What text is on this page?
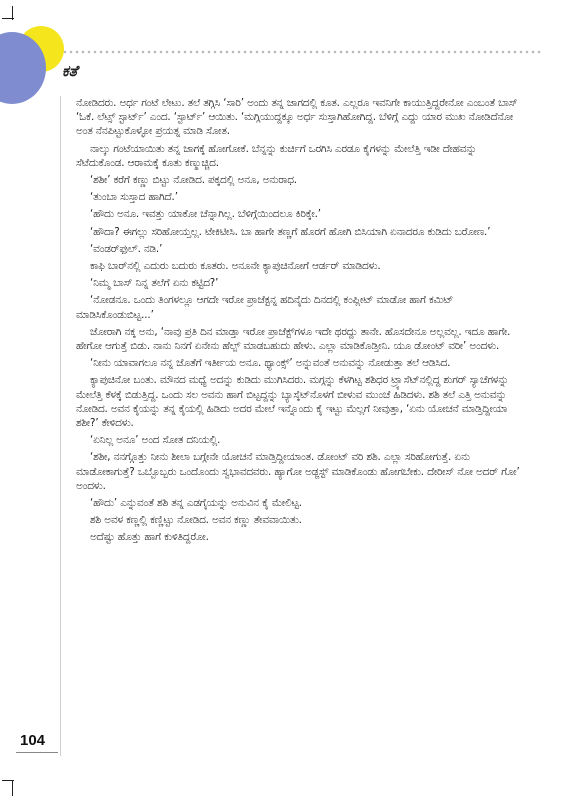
ಕತೆ

ನೋಡಿದರು. ಅರ್ಧ ಗಂಟೆ ಲೇಟು. ತಲೆ ತಗ್ಗಿಸಿ ‘ಸಾರಿ’ ಅಂದು ತನ್ನ ಜಾಗದಲ್ಲಿ ಕೂತ. ಎಲ್ಲರೂ ಇವನಿಗೇ ಕಾಯುತ್ತಿದ್ದರೇನೋ ಎಂಬಂತೆ ಬಾಸ್ ‘ಓಕೆ. ಲೆಟ್ಸ್ ಸ್ಟಾರ್ಟ್’ ಎಂದ. ‘ಸ್ಟಾರ್ಟ್’ ಆಯಿತು. ‘ಮಗ್ಗಿಯುದ್ದಕ್ಕೂ ಅರ್ಧ ಸುಸ್ತಾಗಿಹೋಗಿದ್ದ. ಬೆಳಿಗ್ಗೆ ಎದ್ದು ಯಾರ ಮುಖ ನೋಡಿದೆನೋ ಅಂತ ನೆನಪಿಟ್ಟುಕೊಳ್ಳೋ ಪ್ರಯತ್ನ ಮಾಡಿ ಸೋತ.

ನಾಲ್ಕು ಗಂಟೆಯಾಯಿತು ತನ್ನ ಜಾಗಕ್ಕೆ ಹೋಗೋಕೆ. ಬೆನ್ನನ್ನು ಕುರ್ಚಿಗೆ ಒರಗಿಸಿ ಎರಡೂ ಕೈಗಳನ್ನು ಮೇಲೆತ್ತಿ ಇಡೀ ದೇಹವನ್ನು ಸೆಟೆದುಕೊಂಡ. ಆರಾಮಕ್ಕೆ ಕೂತು ಕಣ್ಮುಚ್ಚಿದ.

‘ಶಶೀ’ ಕರೆಗೆ ಕಣ್ಣು ಬಿಟ್ಟು ನೋಡಿದ. ಪಕ್ಕದಲ್ಲಿ ಅನೂ, ಅನುರಾಧ.

‘ತುಂಬಾ ಸುಸ್ತಾದ ಹಾಗಿದೆ.’

‘ಹೌದು ಅನೂ. ಇವತ್ತು ಯಾಕೋ ಚೆನ್ನಾಗಿಲ್ಲ. ಬೆಳಿಗ್ಗೆಯಿಂದಲೂ ಕಿರಿಕ್ಕೇ.’

‘ಹೌದಾ? ಈಗಲ್ಲು ಸರಿಹೋಯ್ತಲ್ಲ. ಟೇಕಿಟೀಸಿ. ಬಾ ಹಾಗೇ ತಣ್ಣಗೆ ಹೊರಗೆ ಹೋಗಿ ಬಿಸಿಯಾಗಿ ಏನಾದರೂ ಕುಡಿದು ಬರೋಣ.’

‘ವಂಡರ್‌ಫುಲ್. ನಡಿ.’

ಕಾಫಿ ಬಾರ್‌ನಲ್ಲಿ ಎದುರು ಬದುರು ಕೂತರು. ಅನೂನೇ ಕ್ಯಾಪುಚಿನೋಗೆ ಆರ್ಡರ್ ಮಾಡಿದಳು.

‘ನಿಮ್ಮ ಬಾಸ್ ನಿನ್ನ ತಲೆಗೆ ಏನು ಕಟ್ಟಿದ?’

‘ನೋಡನೂ. ಒಂದು ತಿಂಗಳಲ್ಲೂ ಆಗದೇ ಇರೋ ಪ್ರಾಜೆಕ್ಟನ್ನ ಹದಿನೈದು ದಿನದಲ್ಲಿ ಕಂಪ್ಲೀಟ್ ಮಾಡೋ ಹಾಗೆ ಕಮಿಟ್ ಮಾಡಿಸಿಕೊಂಡುಬಿಟ್ಟ...’

ಜೋರಾಗಿ ನಕ್ಕ ಅನು, ‘ನಾವು ಪ್ರತಿ ದಿನ ಮಾಡ್ತಾ ಇರೋ ಪ್ರಾಜೆಕ್ಟ್‌ಗಳೂ ಇದೇ ಥರದ್ದು ತಾನೇ. ಹೊಸದೇನೂ ಅಲ್ಲವಲ್ಲ. ಇದೂ ಹಾಗೇ. ಹೇಗೋ ಆಗುತ್ತೆ ಬಿಡು. ನಾನು ನಿನಗೆ ಏನೇನು ಹೆಲ್ಪ್ ಮಾಡಬಹುದು ಹೇಳು. ಎಲ್ಲಾ ಮಾಡಿಕೊಡ್ತೀನಿ. ಯೂ ಡೋಂಟ್ ವರೀ’ ಅಂದಳು.

‘ನೀನು ಯಾವಾಗಲೂ ನನ್ನ ಜೊತೆಗೆ ಇರ್ತೀಯ ಅನೂ. ಥ್ಯಾಂಕ್ಸ್’ ಅನ್ನುವಂತೆ ಅನುವನ್ನು ನೋಡುತ್ತಾ ತಲೆ ಆಡಿಸಿದ.

ಕ್ಯಾಪುಚಿನೋ ಬಂತು. ಮೌನದ ಮಧ್ಯೆ ಅದನ್ನು ಕುಡಿದು ಮುಗಿಸಿದರು. ಮಗ್ಗನ್ನು ಕೆಳಗಿಟ್ಟ ಶಶಿಧರ ಟ್ರ್ಯಾಸೆಟ್‌ನಲ್ಲಿದ್ದ ಶುಗರ್ ಸ್ಯಾಚೆಗಳನ್ನು ಮೇಲೆತ್ತಿ ಕೆಳಕ್ಕೆ ಬಿಡುತ್ತಿದ್ದ. ಒಂದು ಸಲ ಅವನು ಹಾಗೆ ಬಿಟ್ಟದ್ದನ್ನು ಬ್ಯಾಸ್ಕೆಟ್‌ನೊಳಗೆ ಬೀಳುವ ಮುಂಚೆ ಹಿಡಿದಳು. ಶಶಿ ತಲೆ ಎತ್ತಿ ಅನುವನ್ನು ನೋಡಿದ. ಅವನ ಕೈಯನ್ನು ತನ್ನ ಕೈಯಲ್ಲಿ ಹಿಡಿದು ಅದರ ಮೇಲೆ ಇನ್ನೊಂದು ಕೈ ಇಟ್ಟು ಮೆಲ್ಲಗೆ ನೀವುತ್ತಾ, ‘ಏನು ಯೋಚನೆ ಮಾಡ್ತಿದ್ದೀಯಾ ಶಶೀ?’ ಕೇಳಿದಳು.

‘ಏನಿಲ್ಲ ಅನೂ’ ಅಂದ ಸೋತ ದನಿಯಲ್ಲಿ.

‘ಶಶೀ, ನನಗ್ಗೊತ್ತು ನೀನು ಶೀಲಾ ಬಗ್ಗೇನೇ ಯೋಚನೆ ಮಾಡ್ತಿದ್ದೀಯಾಂತ. ಡೋಂಟ್ ವರಿ ಶಶಿ. ಎಲ್ಲಾ ಸರಿಹೋಗುತ್ತೆ. ಏನು ಮಾಡೋಕಾಗುತ್ತೆ? ಒಬ್ಬೊಬ್ಬರು ಒಂದೊಂದು ಸ್ವಭಾವದವರು. ಹ್ಯಾಗೋ ಅಡ್ಜಸ್ಟ್ ಮಾಡಿಕೊಂಡು ಹೋಗಬೇಕು. ದೇರೀಸ್ ನೋ ಅದರ್ ಗೋ’ ಅಂದಳು.

‘ಹೌದು’ ಎನ್ನುವಂತೆ ಶಶಿ ತನ್ನ ಎಡಗೈಯನ್ನು ಅನುವಿನ ಕೈ ಮೇಲಿಟ್ಟ.

ಶಶಿ ಅವಳ ಕಣ್ಣಲ್ಲಿ ಕಣ್ಣಿಟ್ಟು ನೋಡಿದ. ಅವನ ಕಣ್ಣು ತೇವವಾಯಿತು.

ಅದೆಷ್ಟು ಹೊತ್ತು ಹಾಗೆ ಕುಳಿತಿದ್ದರೋ.

104
